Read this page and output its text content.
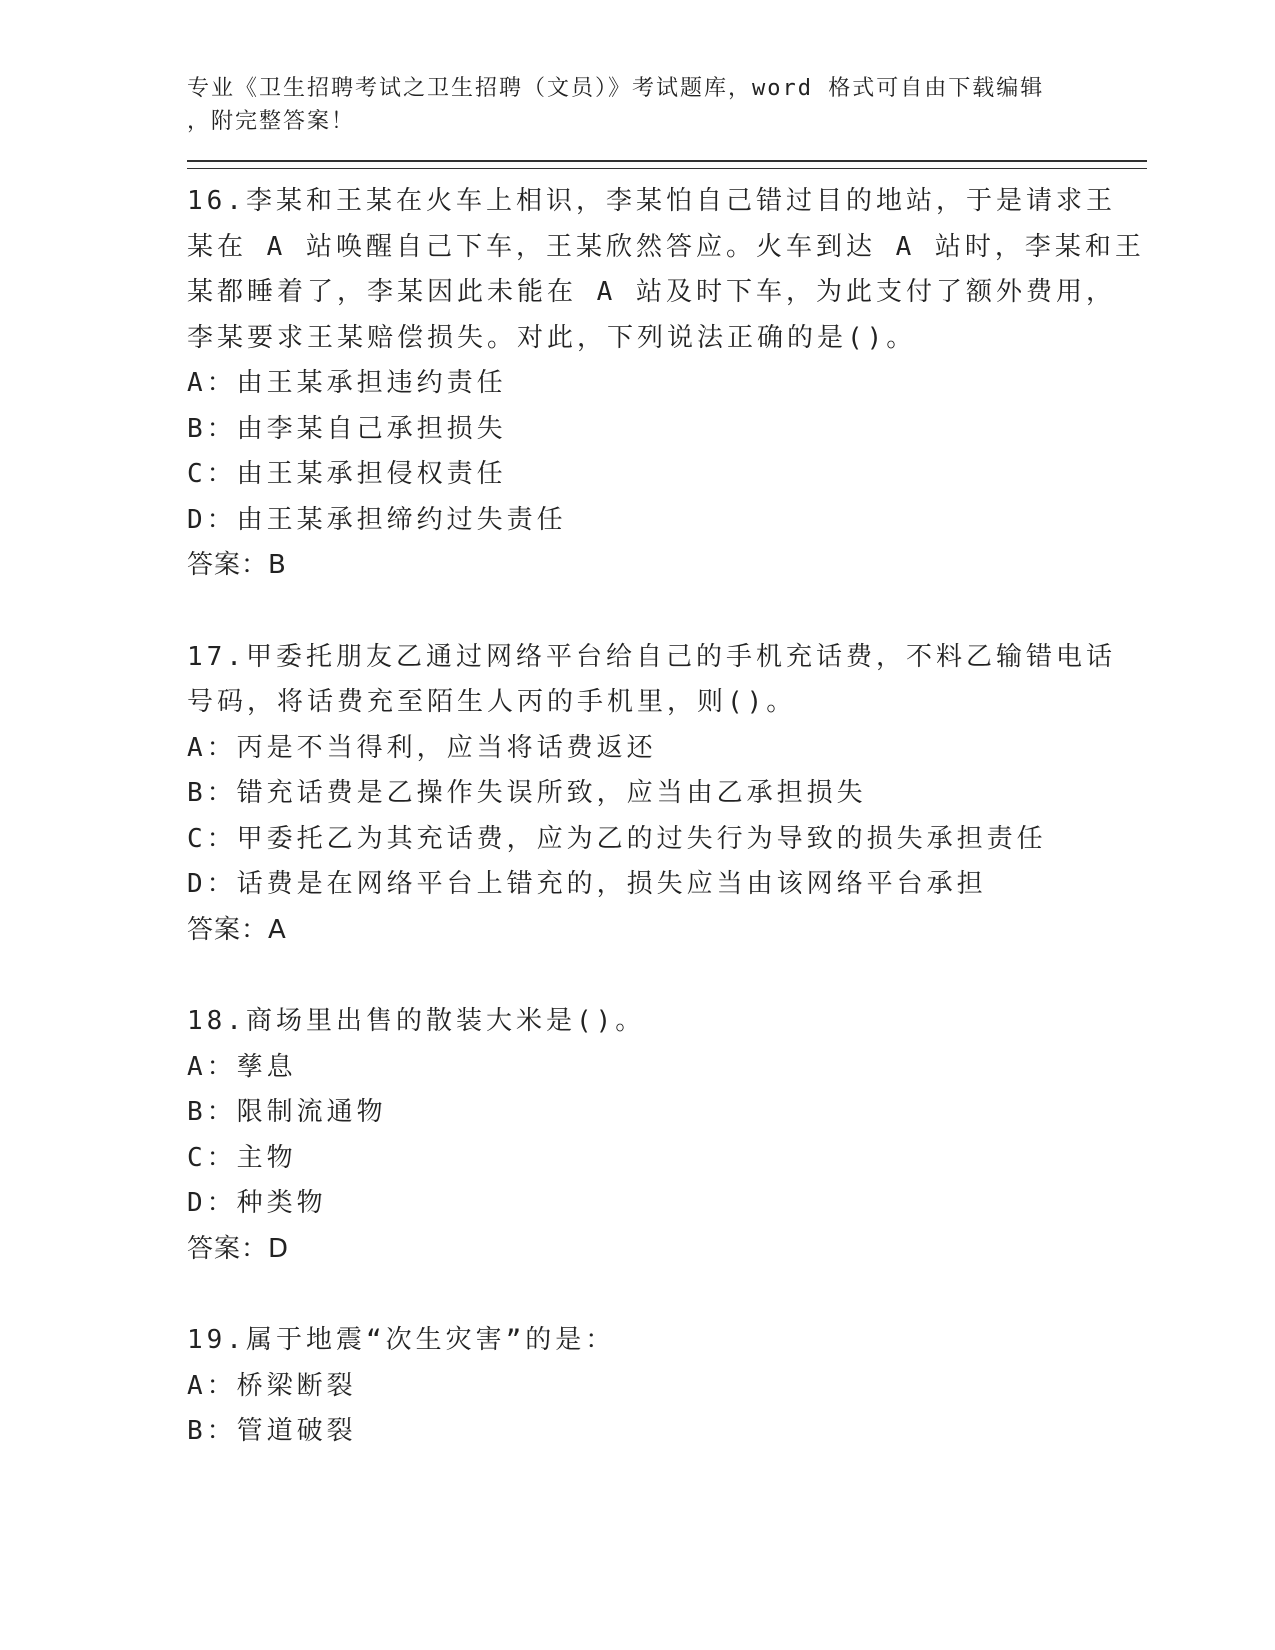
专业《卫生招聘考试之卫生招聘（文员）》考试题库，word 格式可自由下载编辑

，附完整答案！

16.李某和王某在火车上相识，李某怕自己错过目的地站，于是请求王

某在 A 站唤醒自己下车，王某欣然答应。火车到达 A 站时，李某和王

某都睡着了，李某因此未能在 A 站及时下车，为此支付了额外费用，

李某要求王某赔偿损失。对此，下列说法正确的是()。

A：由王某承担违约责任

B：由李某自己承担损失

C：由王某承担侵权责任

D：由王某承担缔约过失责任

答案：B

17.甲委托朋友乙通过网络平台给自己的手机充话费，不料乙输错电话

号码，将话费充至陌生人丙的手机里，则()。

A：丙是不当得利，应当将话费返还

B：错充话费是乙操作失误所致，应当由乙承担损失

C：甲委托乙为其充话费，应为乙的过失行为导致的损失承担责任

D：话费是在网络平台上错充的，损失应当由该网络平台承担

答案：A

18.商场里出售的散装大米是()。

A：孳息

B：限制流通物

C：主物

D：种类物

答案：D

19.属于地震“次生灾害”的是：

A：桥梁断裂

B：管道破裂
